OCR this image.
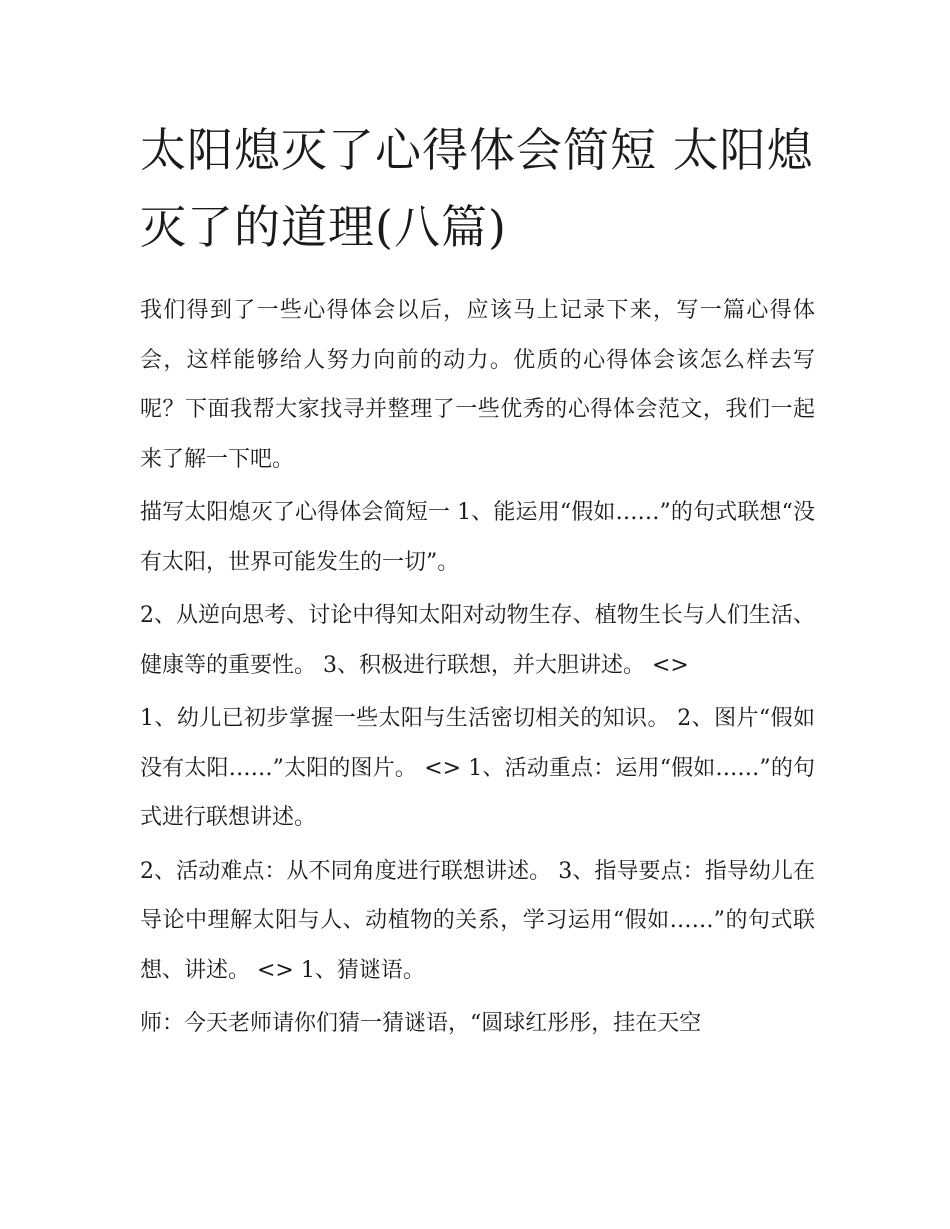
太阳熄灭了心得体会简短 太阳熄灭了的道理(八篇)

我们得到了一些心得体会以后，应该马上记录下来，写一篇心得体会，这样能够给人努力向前的动力。优质的心得体会该怎么样去写呢？下面我帮大家找寻并整理了一些优秀的心得体会范文，我们一起来了解一下吧。

描写太阳熄灭了心得体会简短一 1、能运用“假如……”的句式联想“没有太阳，世界可能发生的一切”。

2、从逆向思考、讨论中得知太阳对动物生存、植物生长与人们生活、健康等的重要性。 3、积极进行联想，并大胆讲述。 <>

1、幼儿已初步掌握一些太阳与生活密切相关的知识。 2、图片“假如没有太阳……”太阳的图片。 <> 1、活动重点：运用“假如……”的句式进行联想讲述。

2、活动难点：从不同角度进行联想讲述。 3、指导要点：指导幼儿在导论中理解太阳与人、动植物的关系，学习运用“假如……”的句式联想、讲述。 <> 1、猜谜语。

师：今天老师请你们猜一猜谜语，“圆球红彤彤，挂在天空
